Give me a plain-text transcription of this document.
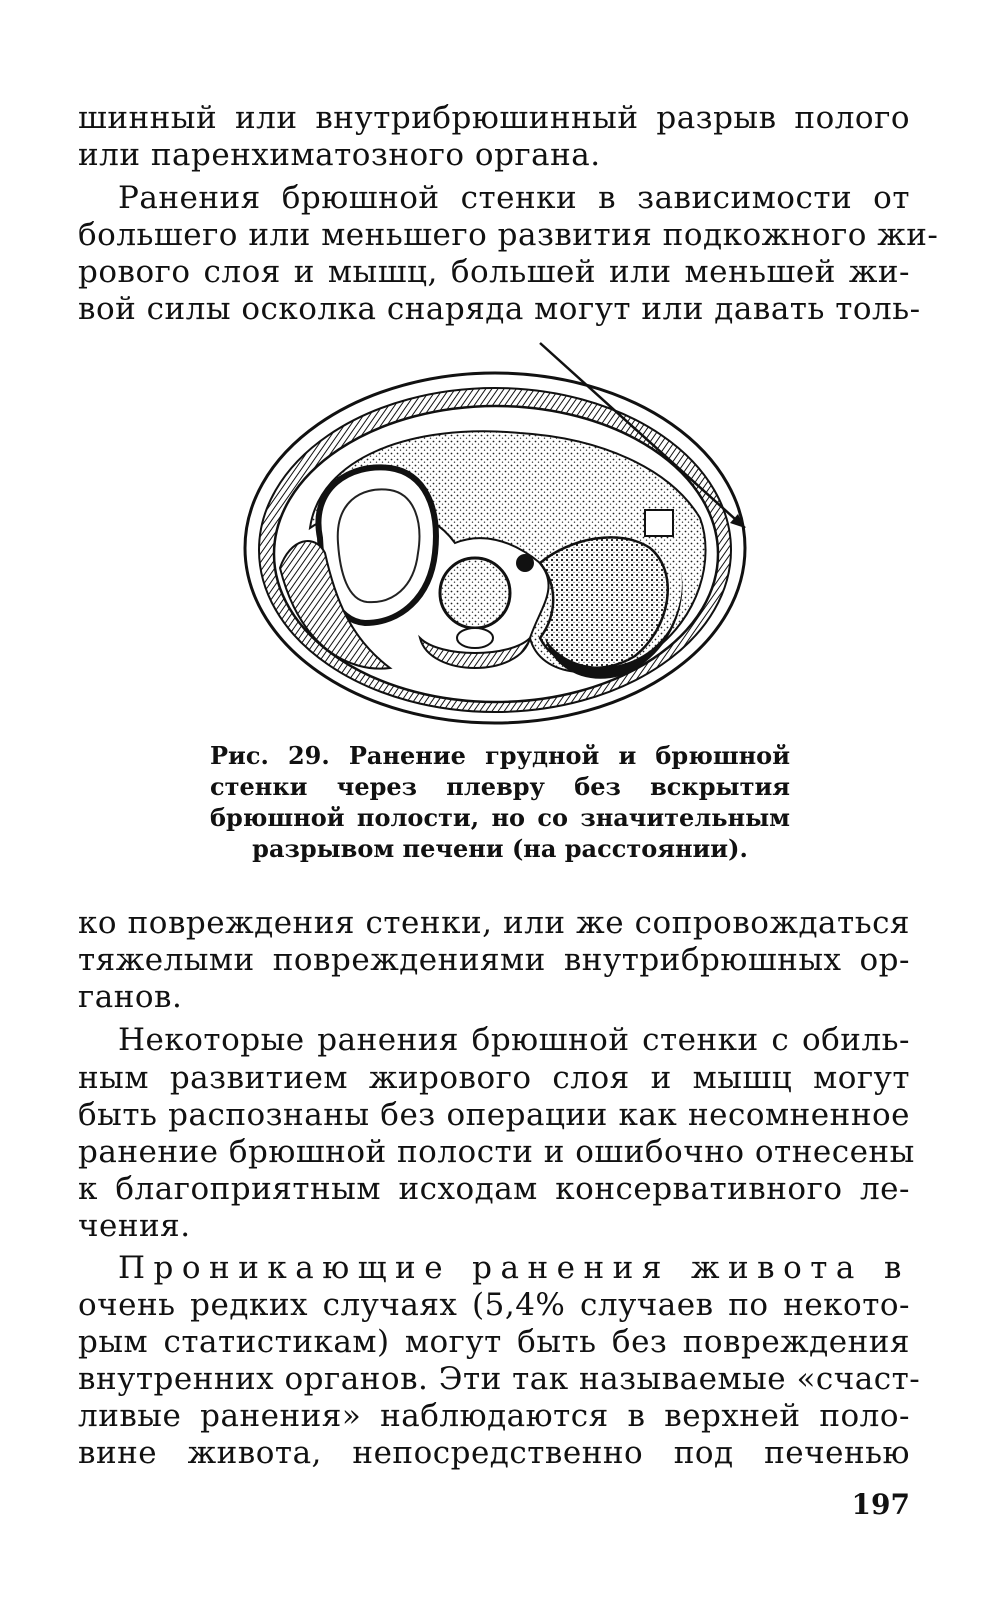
шинный или внутрибрюшинный разрыв полого
или паренхиматозного органа.
Ранения брюшной стенки в зависимости от
большего или меньшего развития подкожного жи-
рового слоя и мышц, большей или меньшей жи-
вой силы осколка снаряда могут или давать толь-
Рис. 29. Ранение грудной и брюшной
стенки через плевру без вскрытия
брюшной полости, но со значительным
разрывом печени (на расстоянии).
ко повреждения стенки, или же сопровождаться
тяжелыми повреждениями внутрибрюшных ор-
ганов.
Некоторые ранения брюшной стенки с обиль-
ным развитием жирового слоя и мышц могут
быть распознаны без операции как несомненное
ранение брюшной полости и ошибочно отнесены
к благоприятным исходам консервативного ле-
чения.
Проникающие ранения живота в
очень редких случаях (5,4% случаев по некото-
рым статистикам) могут быть без повреждения
внутренних органов. Эти так называемые «счаст-
ливые ранения» наблюдаются в верхней поло-
вине живота, непосредственно под печенью
197
